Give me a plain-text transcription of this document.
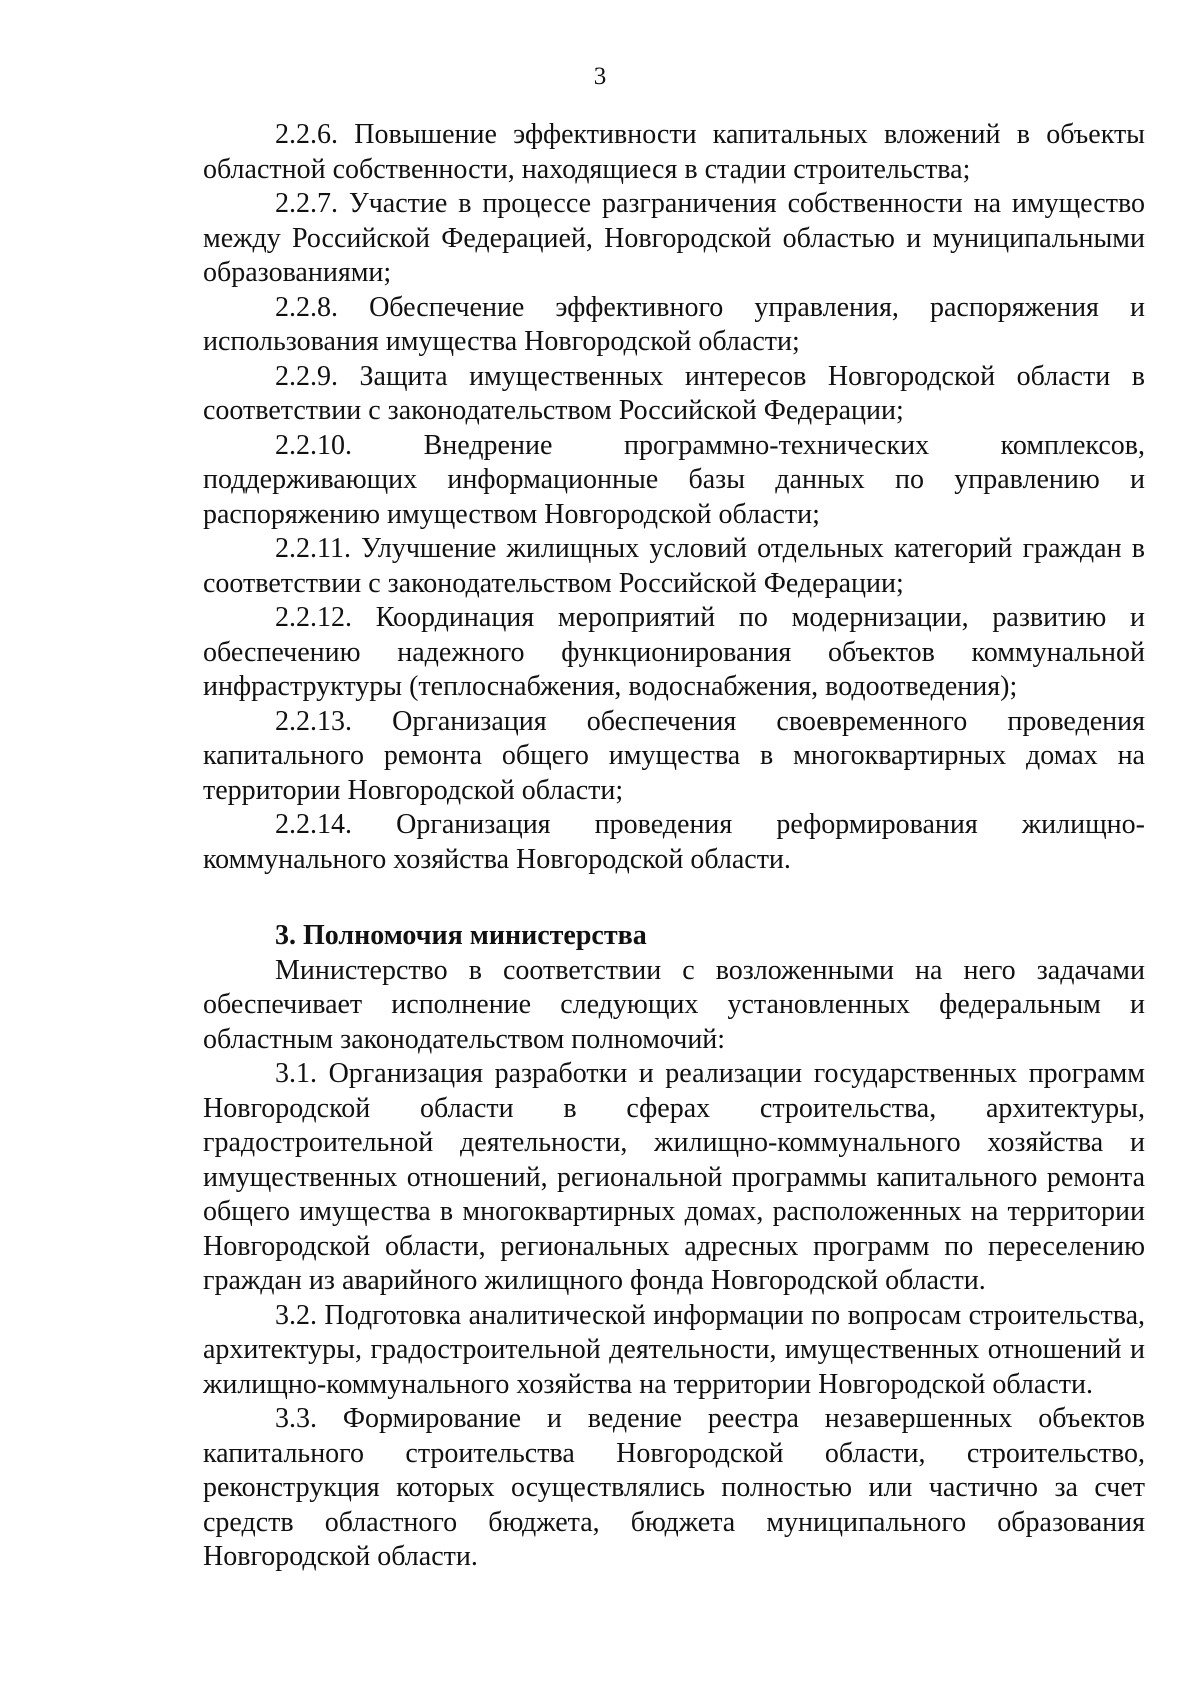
3

2.2.6. Повышение эффективности капитальных вложений в объекты областной собственности, находящиеся в стадии строительства;

2.2.7. Участие в процессе разграничения собственности на имущество между Российской Федерацией, Новгородской областью и муниципальными образованиями;

2.2.8. Обеспечение эффективного управления, распоряжения и использования имущества Новгородской области;

2.2.9. Защита имущественных интересов Новгородской области в соответствии с законодательством Российской Федерации;

2.2.10. Внедрение программно-технических комплексов, поддерживающих информационные базы данных по управлению и распоряжению имуществом Новгородской области;

2.2.11. Улучшение жилищных условий отдельных категорий граждан в соответствии с законодательством Российской Федерации;

2.2.12. Координация мероприятий по модернизации, развитию и обеспечению надежного функционирования объектов коммунальной инфраструктуры (теплоснабжения, водоснабжения, водоотведения);

2.2.13. Организация обеспечения своевременного проведения капитального ремонта общего имущества в многоквартирных домах на территории Новгородской области;

2.2.14. Организация проведения реформирования жилищно-коммунального хозяйства Новгородской области.

3. Полномочия министерства

Министерство в соответствии с возложенными на него задачами обеспечивает исполнение следующих установленных федеральным и областным законодательством полномочий:

3.1. Организация разработки и реализации государственных программ Новгородской области в сферах строительства, архитектуры, градостроительной деятельности, жилищно-коммунального хозяйства и имущественных отношений, региональной программы капитального ремонта общего имущества в многоквартирных домах, расположенных на территории Новгородской области, региональных адресных программ по переселению граждан из аварийного жилищного фонда Новгородской области.

3.2. Подготовка аналитической информации по вопросам строительства, архитектуры, градостроительной деятельности, имущественных отношений и жилищно-коммунального хозяйства на территории Новгородской области.

3.3. Формирование и ведение реестра незавершенных объектов капитального строительства Новгородской области, строительство, реконструкция которых осуществлялись полностью или частично за счет средств областного бюджета, бюджета муниципального образования Новгородской области.
